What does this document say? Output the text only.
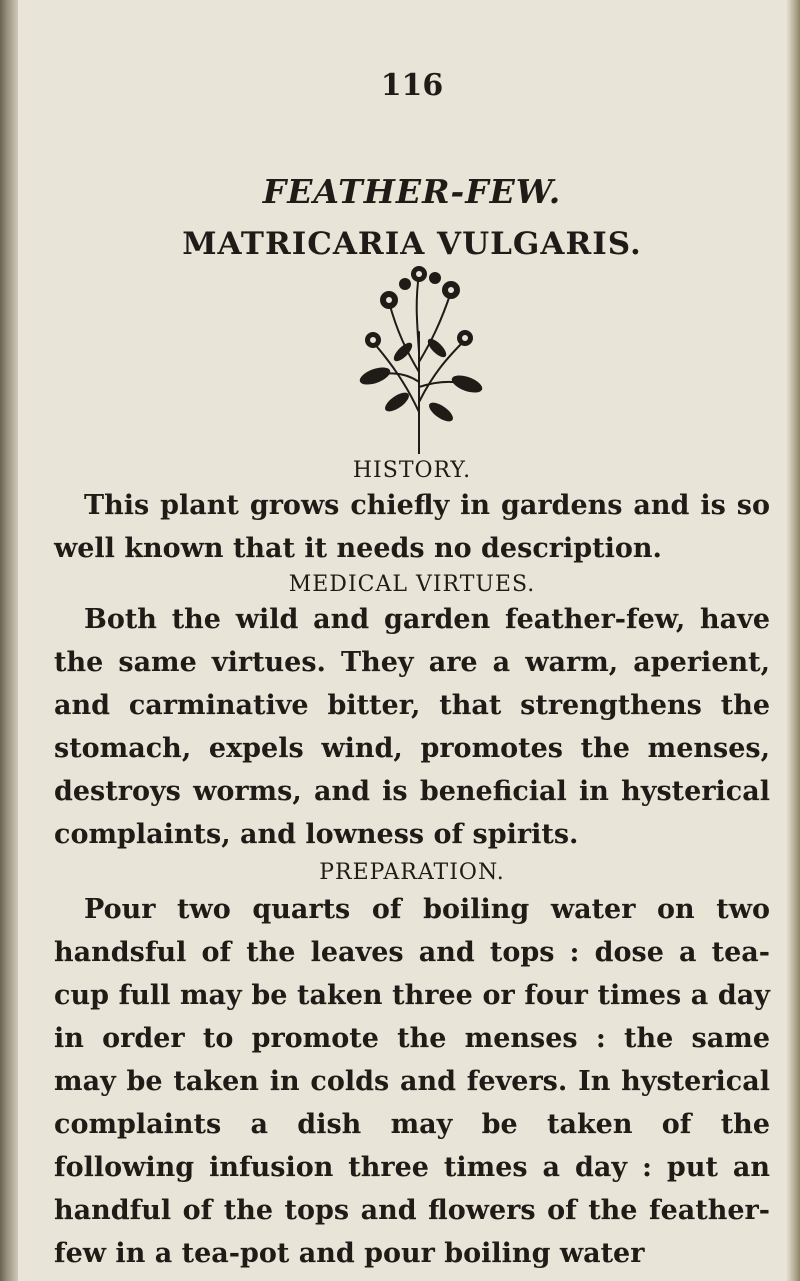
116
FEATHER-FEW.
MATRICARIA VULGARIS.
HISTORY.

This plant grows chiefly in gardens and is so well known that it needs no description.

MEDICAL VIRTUES.

Both the wild and garden feather-few, have the same virtues. They are a warm, aperient, and carminative bitter, that strengthens the stomach, expels wind, promotes the menses, destroys worms, and is beneficial in hysterical complaints, and lowness of spirits.

PREPARATION.

Pour two quarts of boiling water on two handsful of the leaves and tops : dose a tea-cup full may be taken three or four times a day in order to promote the menses : the same may be taken in colds and fevers. In hysterical complaints a dish may be taken of the following infusion three times a day : put an handful of the tops and flowers of the feather-few in a tea-pot and pour boiling water
